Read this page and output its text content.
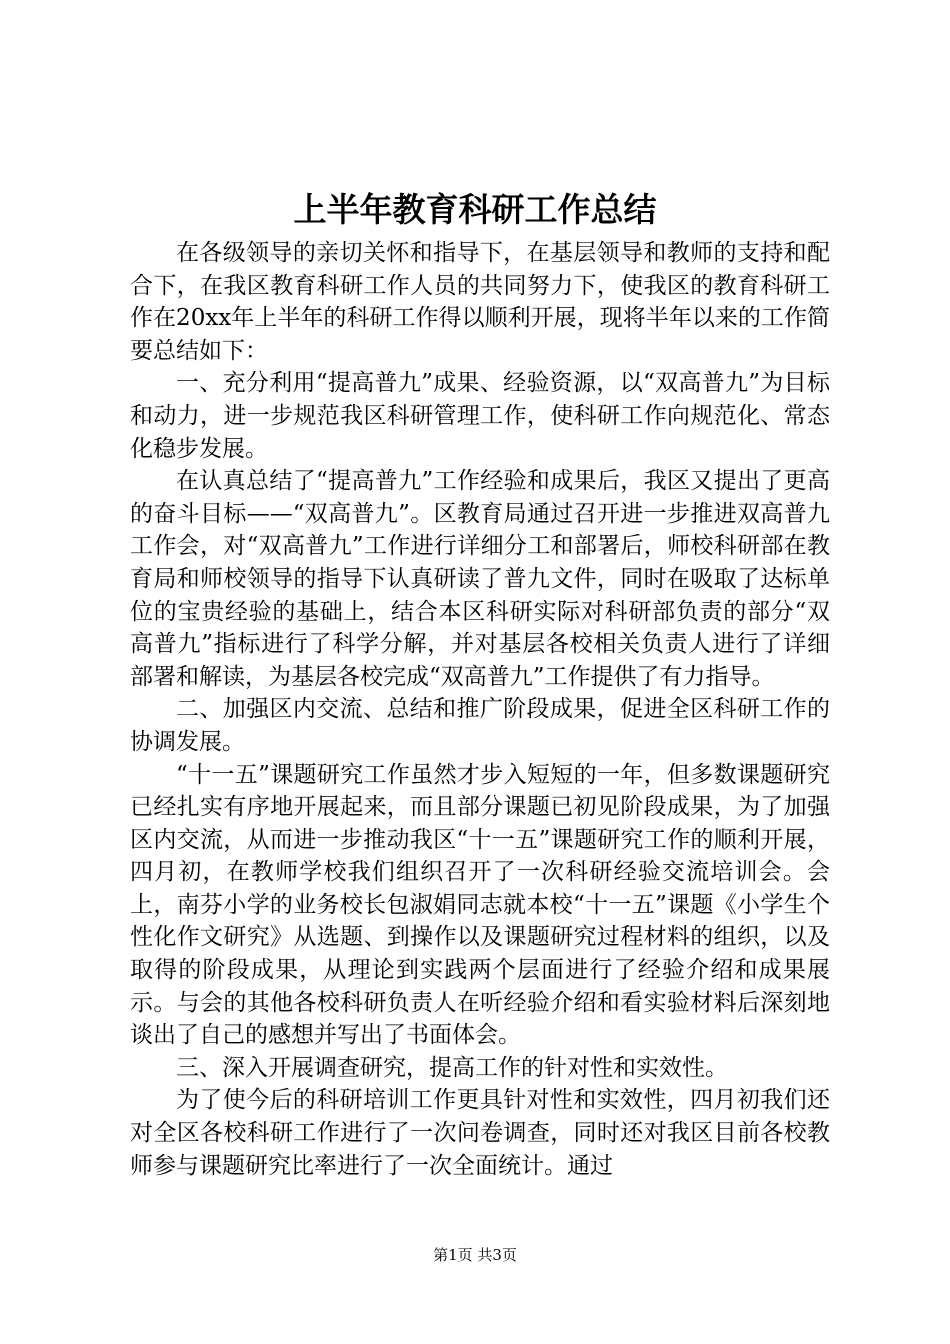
上半年教育科研工作总结

在各级领导的亲切关怀和指导下，在基层领导和教师的支持和配合下，在我区教育科研工作人员的共同努力下，使我区的教育科研工作在20xx年上半年的科研工作得以顺利开展，现将半年以来的工作简要总结如下：

一、充分利用“提高普九”成果、经验资源，以“双高普九”为目标和动力，进一步规范我区科研管理工作，使科研工作向规范化、常态化稳步发展。

在认真总结了“提高普九”工作经验和成果后，我区又提出了更高的奋斗目标——“双高普九”。区教育局通过召开进一步推进双高普九工作会，对“双高普九”工作进行详细分工和部署后，师校科研部在教育局和师校领导的指导下认真研读了普九文件，同时在吸取了达标单位的宝贵经验的基础上，结合本区科研实际对科研部负责的部分“双高普九”指标进行了科学分解，并对基层各校相关负责人进行了详细部署和解读，为基层各校完成“双高普九”工作提供了有力指导。

二、加强区内交流、总结和推广阶段成果，促进全区科研工作的协调发展。

“十一五”课题研究工作虽然才步入短短的一年，但多数课题研究已经扎实有序地开展起来，而且部分课题已初见阶段成果，为了加强区内交流，从而进一步推动我区“十一五”课题研究工作的顺利开展，四月初，在教师学校我们组织召开了一次科研经验交流培训会。会上，南芬小学的业务校长包淑娟同志就本校“十一五”课题《小学生个性化作文研究》从选题、到操作以及课题研究过程材料的组织，以及取得的阶段成果，从理论到实践两个层面进行了经验介绍和成果展示。与会的其他各校科研负责人在听经验介绍和看实验材料后深刻地谈出了自己的感想并写出了书面体会。

三、深入开展调查研究，提高工作的针对性和实效性。

为了使今后的科研培训工作更具针对性和实效性，四月初我们还对全区各校科研工作进行了一次问卷调查，同时还对我区目前各校教师参与课题研究比率进行了一次全面统计。通过

第1页 共3页
